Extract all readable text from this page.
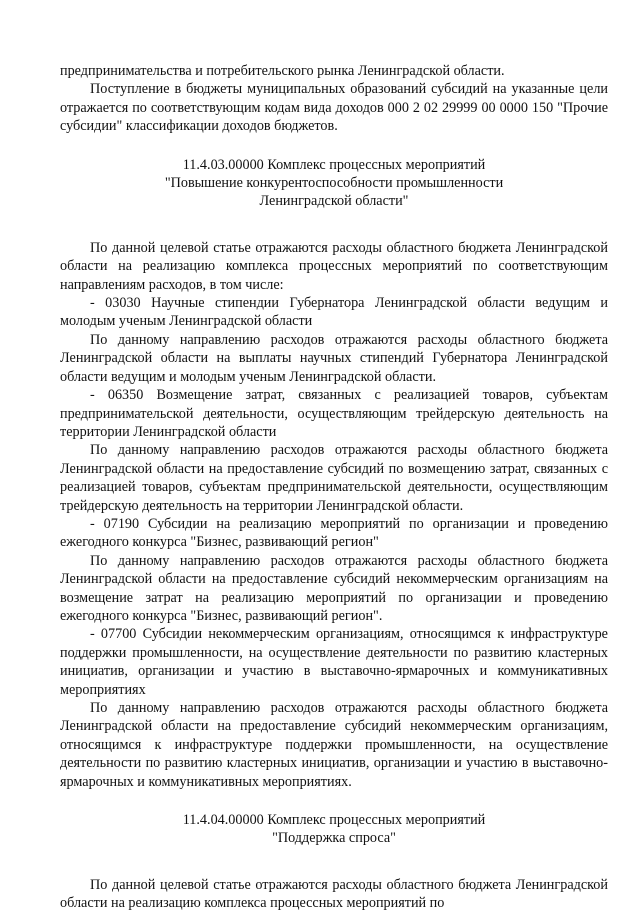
предпринимательства и потребительского рынка Ленинградской области.

Поступление в бюджеты муниципальных образований субсидий на указанные цели отражается по соответствующим кодам вида доходов 000 2 02 29999 00 0000 150 "Прочие субсидии" классификации доходов бюджетов.

11.4.03.00000 Комплекс процессных мероприятий
"Повышение конкурентоспособности промышленности
Ленинградской области"

По данной целевой статье отражаются расходы областного бюджета Ленинградской области на реализацию комплекса процессных мероприятий по соответствующим направлениям расходов, в том числе:

- 03030 Научные стипендии Губернатора Ленинградской области ведущим и молодым ученым Ленинградской области

По данному направлению расходов отражаются расходы областного бюджета Ленинградской области на выплаты научных стипендий Губернатора Ленинградской области ведущим и молодым ученым Ленинградской области.

- 06350 Возмещение затрат, связанных с реализацией товаров, субъектам предпринимательской деятельности, осуществляющим трейдерскую деятельность на территории Ленинградской области

По данному направлению расходов отражаются расходы областного бюджета Ленинградской области на предоставление субсидий по возмещению затрат, связанных с реализацией товаров, субъектам предпринимательской деятельности, осуществляющим трейдерскую деятельность на территории Ленинградской области.

- 07190 Субсидии на реализацию мероприятий по организации и проведению ежегодного конкурса "Бизнес, развивающий регион"

По данному направлению расходов отражаются расходы областного бюджета Ленинградской области на предоставление субсидий некоммерческим организациям на возмещение затрат на реализацию мероприятий по организации и проведению ежегодного конкурса "Бизнес, развивающий регион".

- 07700 Субсидии некоммерческим организациям, относящимся к инфраструктуре поддержки промышленности, на осуществление деятельности по развитию кластерных инициатив, организации и участию в выставочно-ярмарочных и коммуникативных мероприятиях

По данному направлению расходов отражаются расходы областного бюджета Ленинградской области на предоставление субсидий некоммерческим организациям, относящимся к инфраструктуре поддержки промышленности, на осуществление деятельности по развитию кластерных инициатив, организации и участию в выставочно-ярмарочных и коммуникативных мероприятиях.

11.4.04.00000 Комплекс процессных мероприятий
"Поддержка спроса"

По данной целевой статье отражаются расходы областного бюджета Ленинградской области на реализацию комплекса процессных мероприятий по
